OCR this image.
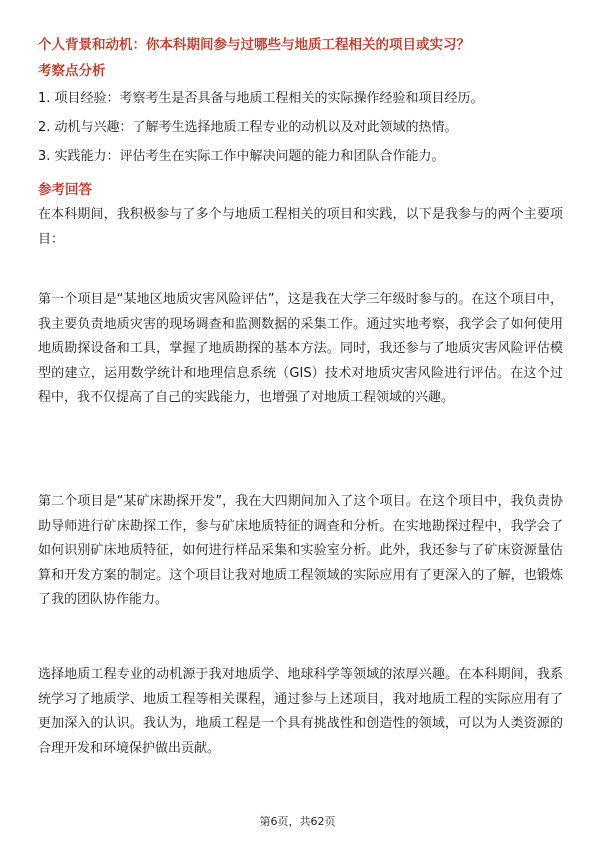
个人背景和动机：你本科期间参与过哪些与地质工程相关的项目或实习？
考察点分析
1. 项目经验：考察考生是否具备与地质工程相关的实际操作经验和项目经历。
2. 动机与兴趣：了解考生选择地质工程专业的动机以及对此领域的热情。
3. 实践能力：评估考生在实际工作中解决问题的能力和团队合作能力。
参考回答
在本科期间，我积极参与了多个与地质工程相关的项目和实践，以下是我参与的两个主要项目：
第一个项目是“某地区地质灾害风险评估”，这是我在大学三年级时参与的。在这个项目中，我主要负责地质灾害的现场调查和监测数据的采集工作。通过实地考察，我学会了如何使用地质勘探设备和工具，掌握了地质勘探的基本方法。同时，我还参与了地质灾害风险评估模型的建立，运用数学统计和地理信息系统（GIS）技术对地质灾害风险进行评估。在这个过程中，我不仅提高了自己的实践能力，也增强了对地质工程领域的兴趣。
第二个项目是“某矿床勘探开发”，我在大四期间加入了这个项目。在这个项目中，我负责协助导师进行矿床勘探工作，参与矿床地质特征的调查和分析。在实地勘探过程中，我学会了如何识别矿床地质特征，如何进行样品采集和实验室分析。此外，我还参与了矿床资源量估算和开发方案的制定。这个项目让我对地质工程领域的实际应用有了更深入的了解，也锻炼了我的团队协作能力。
选择地质工程专业的动机源于我对地质学、地球科学等领域的浓厚兴趣。在本科期间，我系统学习了地质学、地质工程等相关课程，通过参与上述项目，我对地质工程的实际应用有了更加深入的认识。我认为，地质工程是一个具有挑战性和创造性的领域，可以为人类资源的合理开发和环境保护做出贡献。
第6页，共62页
